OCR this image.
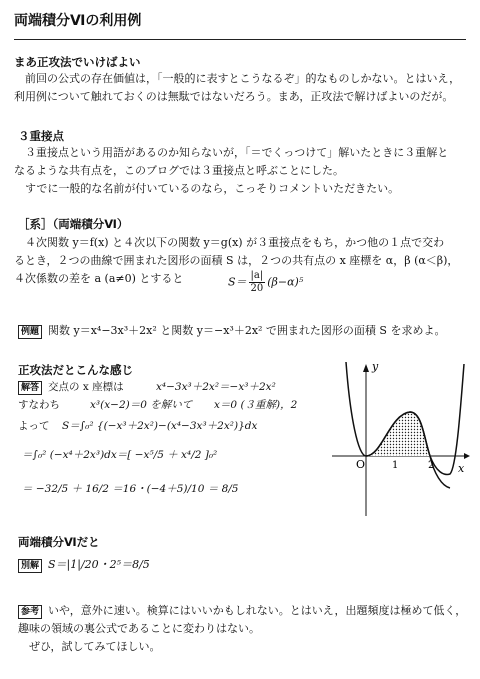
両端積分Ⅵの利用例
まあ正攻法でいけばよい
前回の公式の存在価値は，「一般的に表すとこうなるぞ」的なものしかない。とはいえ，
利用例について触れておくのは無駄ではないだろう。まあ，正攻法で解けばよいのだが。
３重接点
３重接点という用語があるのか知らないが，「＝でくっつけて」解いたときに３重解と
なるような共有点を，このブログでは３重接点と呼ぶことにした。
すでに一般的な名前が付いているのなら，こっそりコメントいただきたい。
［系］（両端積分Ⅵ）
４次関数 y＝f(x) と４次以下の関数 y＝g(x) が３重接点をもち，かつ他の１点で交わ
るとき，２つの曲線で囲まれた図形の面積 S は，２つの共有点の x 座標を α，β (α＜β)，
４次係数の差を a (a≠0) とすると	$S= \frac{|a|}{20} (\beta-\alpha)^5$
例題 関数 y＝x⁴−3x³＋2x² と関数 y＝−x³＋2x² で囲まれた図形の面積 S を求めよ。
正攻法だとこんな感じ
解答 交点の x 座標は	x⁴−3x³＋2x²＝−x³＋2x²
すなわち	x³(x−2)＝0 を解いて x＝0 (３重解)，2
よって S＝∫₀² {(−x³＋2x²)−(x⁴−3x³＋2x²)}dx
＝∫₀² (−x⁴＋2x³)dx＝[ −x⁵/5 ＋ x⁴/2 ]₀²
＝ −32/5 ＋ 16/2 ＝16・(−4＋5)/10 ＝ 8/5
O	1	2 x
y
両端積分Ⅵだと
別解 S＝|1|/20・2⁵＝8/5
参考 いや，意外に速い。検算にはいいかもしれない。とはいえ，出題頻度は極めて低く，
趣味の領域の裏公式であることに変わりはない。
ぜひ，試してみてほしい。
